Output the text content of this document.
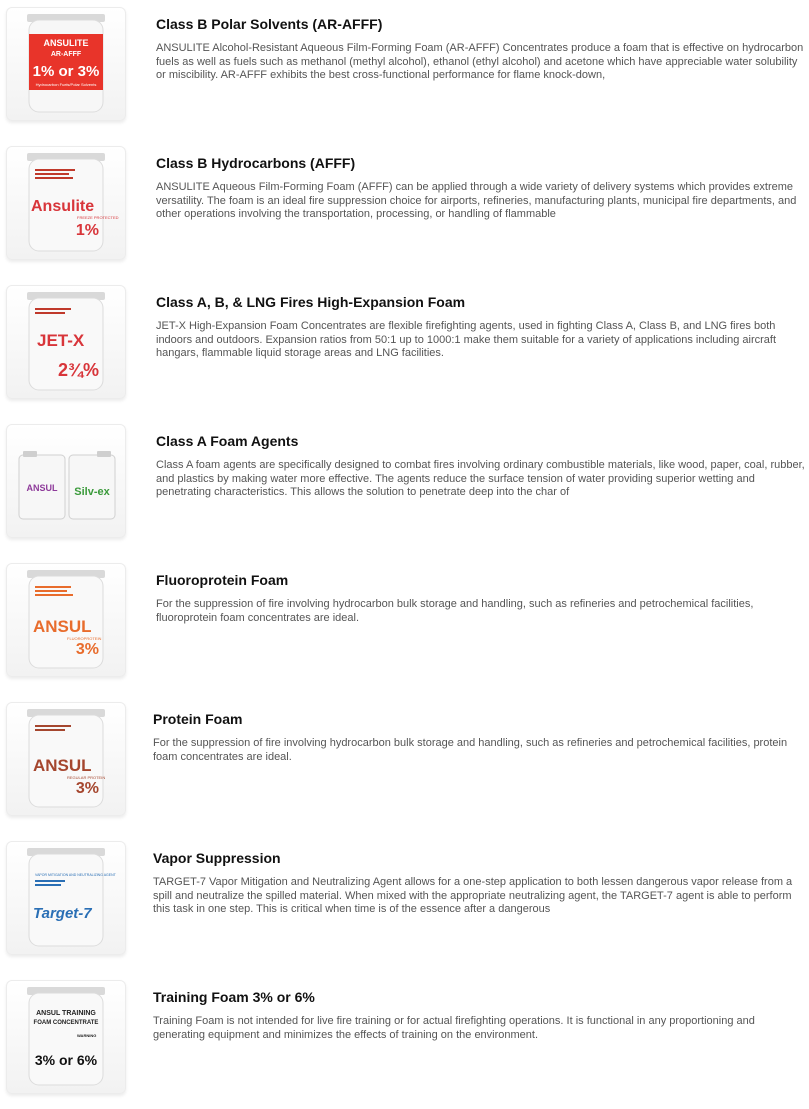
ANSULITE
AR-AFFF
1% or 3%
Hydrocarbon Fuels/Polar Solvents
Class B Polar Solvents (AR-AFFF)

ANSULITE Alcohol-Resistant Aqueous Film-Forming Foam (AR-AFFF) Concentrates produce a foam that is effective on hydrocarbon fuels as well as fuels such as methanol (methyl alcohol), ethanol (ethyl alcohol) and acetone which have appreciable water solubility or miscibility. AR-AFFF exhibits the best cross-functional performance for flame knock-down,

Ansulite
FREEZE PROTECTED
1%
Class B Hydrocarbons (AFFF)

ANSULITE Aqueous Film-Forming Foam (AFFF) can be applied through a wide variety of delivery systems which provides extreme versatility. The foam is an ideal fire suppression choice for airports, refineries, manufacturing plants, municipal fire departments, and other operations involving the transportation, processing, or handling of flammable

JET-X
2¾%
Class A, B, & LNG Fires High-Expansion Foam

JET-X High-Expansion Foam Concentrates are flexible firefighting agents, used in fighting Class A, Class B, and LNG fires both indoors and outdoors. Expansion ratios from 50:1 up to 1000:1 make them suitable for a variety of applications including aircraft hangars, flammable liquid storage areas and LNG facilities.

ANSUL Silv-ex
Class A Foam Agents

Class A foam agents are specifically designed to combat fires involving ordinary combustible materials, like wood, paper, coal, rubber, and plastics by making water more effective. The agents reduce the surface tension of water providing superior wetting and penetrating characteristics. This allows the solution to penetrate deep into the char of

ANSUL
FLUOROPROTEIN
3%
Fluoroprotein Foam

For the suppression of fire involving hydrocarbon bulk storage and handling, such as refineries and petrochemical facilities, fluoroprotein foam concentrates are ideal.

ANSUL
REGULAR PROTEIN
3%
Protein Foam

For the suppression of fire involving hydrocarbon bulk storage and handling, such as refineries and petrochemical facilities, protein foam concentrates are ideal.

VAPOR MITIGATION AND NEUTRALIZING AGENT
Target-7
Vapor Suppression

TARGET-7 Vapor Mitigation and Neutralizing Agent allows for a one-step application to both lessen dangerous vapor release from a spill and neutralize the spilled material. When mixed with the appropriate neutralizing agent, the TARGET-7 agent is able to perform this task in one step. This is critical when time is of the essence after a dangerous

ANSUL TRAINING
FOAM CONCENTRATE
WARNING
3% or 6%
Training Foam 3% or 6%

Training Foam is not intended for live fire training or for actual firefighting operations. It is functional in any proportioning and generating equipment and minimizes the effects of training on the environment.
